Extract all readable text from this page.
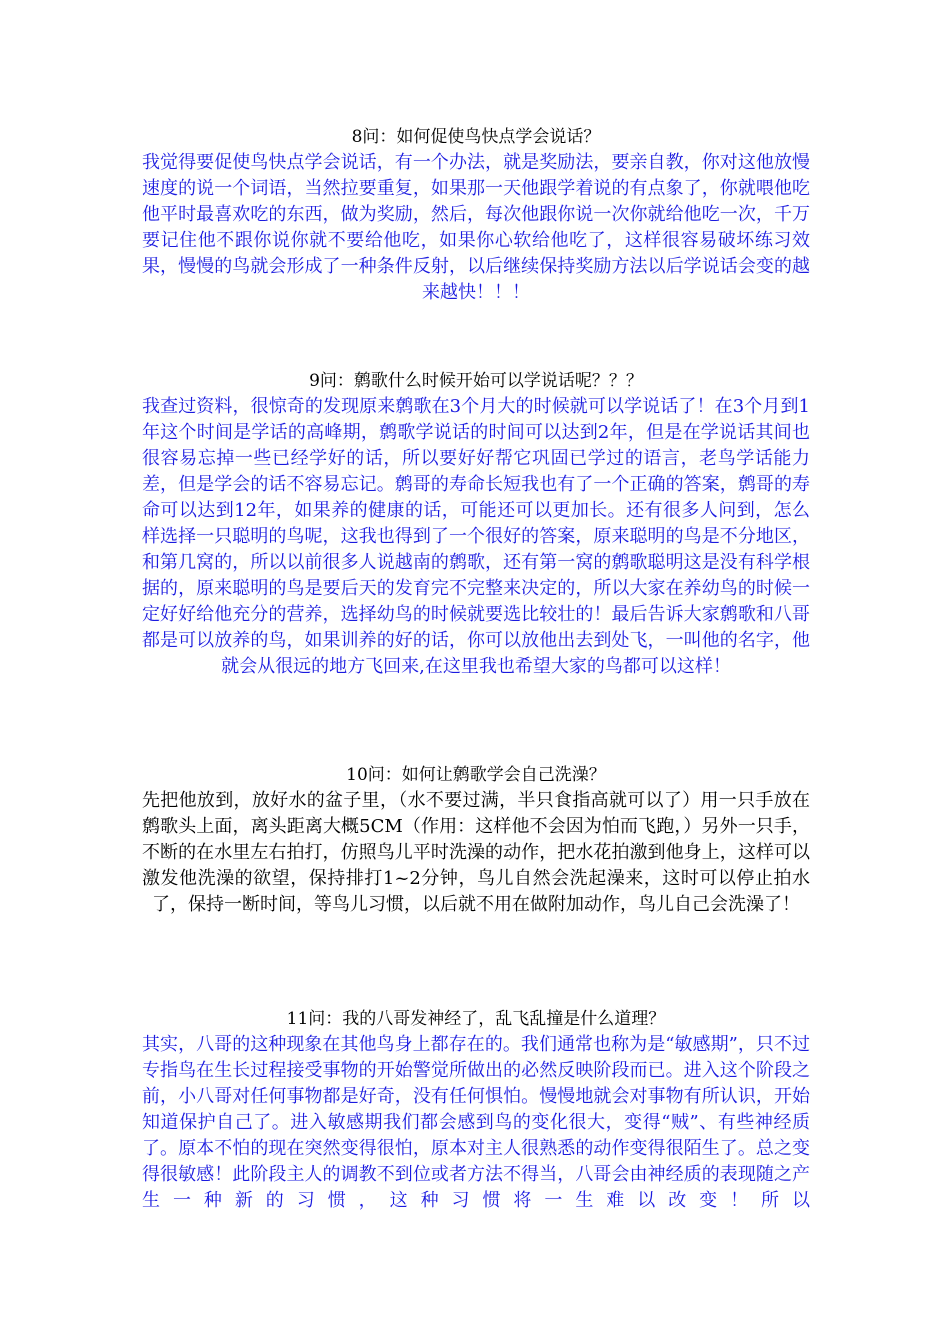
8问：如何促使鸟快点学会说话？

我觉得要促使鸟快点学会说话，有一个办法，就是奖励法，要亲自教，你对这他放慢速度的说一个词语，当然拉要重复，如果那一天他跟学着说的有点象了，你就喂他吃他平时最喜欢吃的东西，做为奖励，然后，每次他跟你说一次你就给他吃一次，千万要记住他不跟你说你就不要给他吃，如果你心软给他吃了，这样很容易破坏练习效果，慢慢的鸟就会形成了一种条件反射，以后继续保持奖励方法以后学说话会变的越来越快！！！

9问：鹩歌什么时候开始可以学说话呢？？？

我查过资料，很惊奇的发现原来鹩歌在3个月大的时候就可以学说话了！在3个月到1年这个时间是学话的高峰期，鹩歌学说话的时间可以达到2年，但是在学说话其间也很容易忘掉一些已经学好的话，所以要好好帮它巩固已学过的语言，老鸟学话能力差，但是学会的话不容易忘记。鹩哥的寿命长短我也有了一个正确的答案，鹩哥的寿命可以达到12年，如果养的健康的话，可能还可以更加长。还有很多人问到，怎么样选择一只聪明的鸟呢，这我也得到了一个很好的答案，原来聪明的鸟是不分地区，和第几窝的，所以以前很多人说越南的鹩歌，还有第一窝的鹩歌聪明这是没有科学根据的，原来聪明的鸟是要后天的发育完不完整来决定的，所以大家在养幼鸟的时候一定好好给他充分的营养，选择幼鸟的时候就要选比较壮的！最后告诉大家鹩歌和八哥都是可以放养的鸟，如果训养的好的话，你可以放他出去到处飞，一叫他的名字，他就会从很远的地方飞回来,在这里我也希望大家的鸟都可以这样！

10问：如何让鹩歌学会自己洗澡？

先把他放到，放好水的盆子里，（水不要过满，半只食指高就可以了）用一只手放在鹩歌头上面，离头距离大概5CM（作用：这样他不会因为怕而飞跑，）另外一只手，不断的在水里左右拍打，仿照鸟儿平时洗澡的动作，把水花拍激到他身上，这样可以激发他洗澡的欲望，保持排打1~2分钟，鸟儿自然会洗起澡来，这时可以停止拍水了，保持一断时间，等鸟儿习惯，以后就不用在做附加动作，鸟儿自己会洗澡了！

11问：我的八哥发神经了，乱飞乱撞是什么道理？

其实，八哥的这种现象在其他鸟身上都存在的。我们通常也称为是“敏感期”，只不过专指鸟在生长过程接受事物的开始警觉所做出的必然反映阶段而已。进入这个阶段之前，小八哥对任何事物都是好奇，没有任何惧怕。慢慢地就会对事物有所认识，开始知道保护自己了。进入敏感期我们都会感到鸟的变化很大，变得“贼”、有些神经质了。原本不怕的现在突然变得很怕，原本对主人很熟悉的动作变得很陌生了。总之变得很敏感！此阶段主人的调教不到位或者方法不得当，八哥会由神经质的表现随之产生一种新的习惯，这种习惯将一生难以改变！所以
